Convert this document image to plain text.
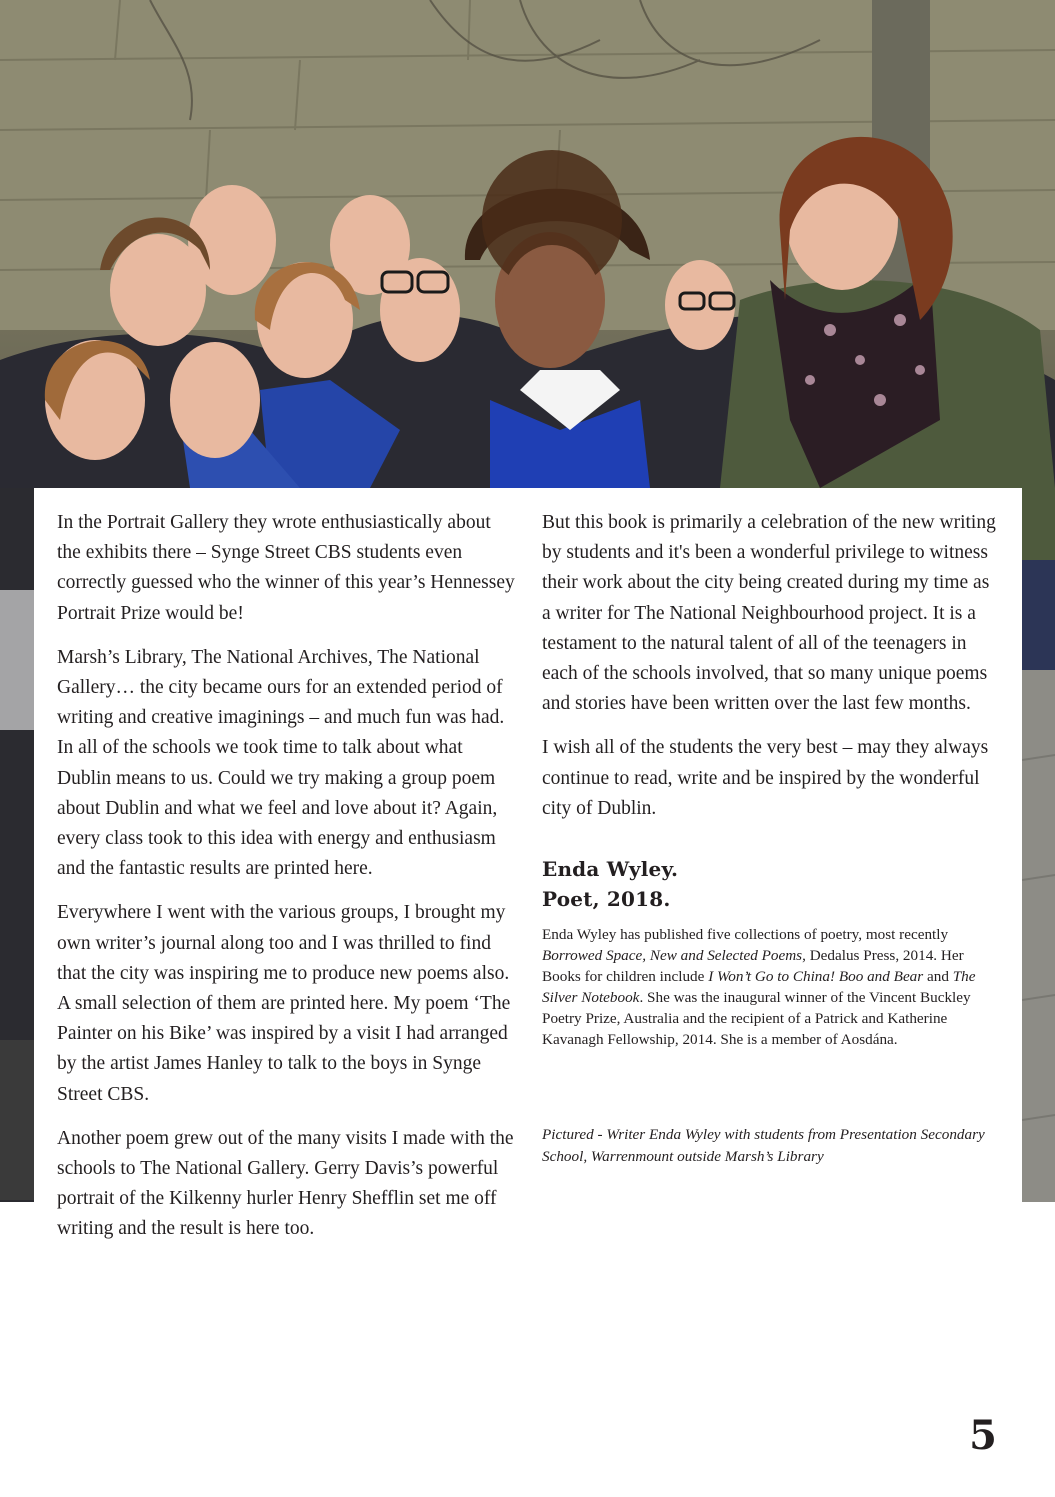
In the Portrait Gallery they wrote enthusiastically about the exhibits there – Synge Street CBS students even correctly guessed who the winner of this year’s Hennessey Portrait Prize would be!

Marsh’s Library, The National Archives, The National Gallery… the city became ours for an extended period of writing and creative imaginings – and much fun was had. In all of the schools we took time to talk about what Dublin means to us. Could we try making a group poem about Dublin and what we feel and love about it? Again, every class took to this idea with energy and enthusiasm and the fantastic results are printed here.

Everywhere I went with the various groups, I brought my own writer’s journal along too and I was thrilled to find that the city was inspiring me to produce new poems also. A small selection of them are printed here. My poem ‘The Painter on his Bike’ was inspired by a visit I had arranged by the artist James Hanley to talk to the boys in Synge Street CBS.

Another poem grew out of the many visits I made with the schools to The National Gallery. Gerry Davis’s powerful portrait of the Kilkenny hurler Henry Shefflin set me off writing and the result is here too.

But this book is primarily a celebration of the new writing by students and it's been a wonderful privilege to witness their work about the city being created during my time as a writer for The National Neighbourhood project. It is a testament to the natural talent of all of the teenagers in each of the schools involved, that so many unique poems and stories have been written over the last few months.

I wish all of the students the very best – may they always continue to read, write and be inspired by the wonderful city of Dublin.

Enda Wyley.
Poet, 2018.

Enda Wyley has published five collections of poetry, most recently Borrowed Space, New and Selected Poems, Dedalus Press, 2014. Her Books for children include I Won’t Go to China! Boo and Bear and The Silver Notebook. She was the inaugural winner of the Vincent Buckley Poetry Prize, Australia and the recipient of a Patrick and Katherine Kavanagh Fellowship, 2014. She is a member of Aosdána.

Pictured - Writer Enda Wyley with students from Presentation Secondary School, Warrenmount outside Marsh’s Library
5
